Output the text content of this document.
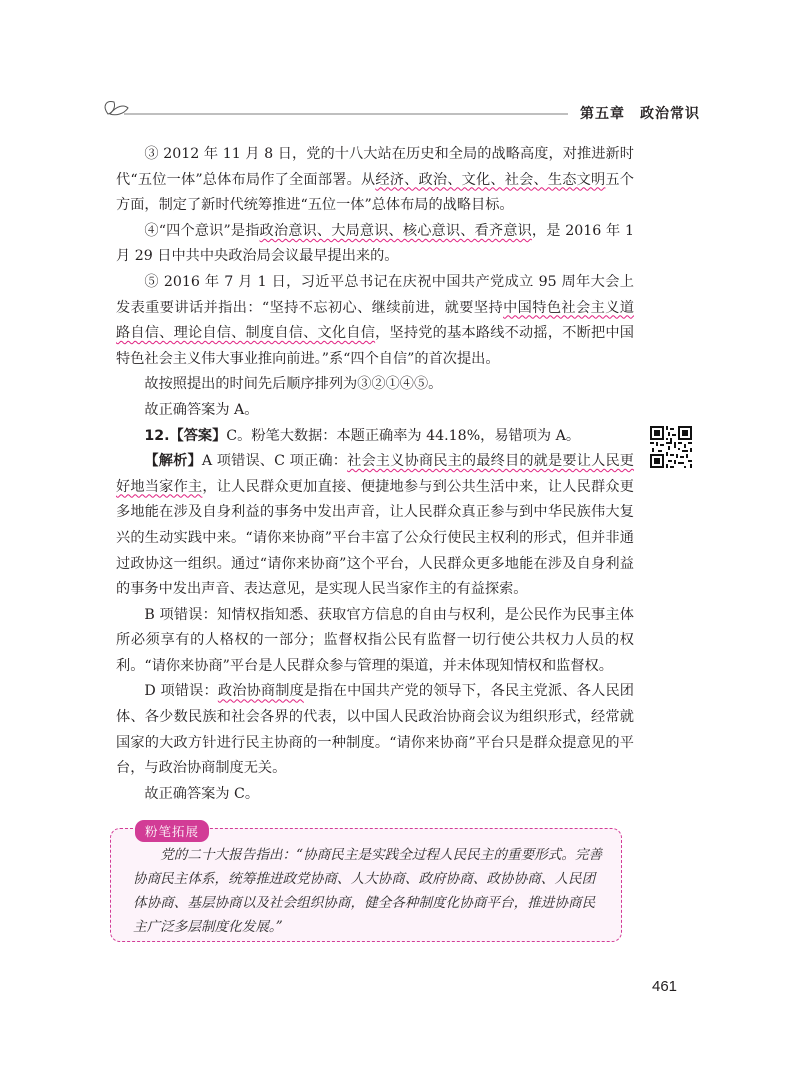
第五章　政治常识

③ 2012 年 11 月 8 日，党的十八大站在历史和全局的战略高度，对推进新时代“五位一体”总体布局作了全面部署。从经济、政治、文化、社会、生态文明五个方面，制定了新时代统筹推进“五位一体”总体布局的战略目标。

④“四个意识”是指政治意识、大局意识、核心意识、看齐意识，是 2016 年 1 月 29 日中共中央政治局会议最早提出来的。

⑤ 2016 年 7 月 1 日，习近平总书记在庆祝中国共产党成立 95 周年大会上发表重要讲话并指出：“坚持不忘初心、继续前进，就要坚持中国特色社会主义道路自信、理论自信、制度自信、文化自信，坚持党的基本路线不动摇，不断把中国特色社会主义伟大事业推向前进。”系“四个自信”的首次提出。

故按照提出的时间先后顺序排列为③②①④⑤。

故正确答案为 A。

12.【答案】C。粉笔大数据：本题正确率为 44.18%，易错项为 A。

【解析】A 项错误、C 项正确：社会主义协商民主的最终目的就是要让人民更好地当家作主，让人民群众更加直接、便捷地参与到公共生活中来，让人民群众更多地能在涉及自身利益的事务中发出声音，让人民群众真正参与到中华民族伟大复兴的生动实践中来。“请你来协商”平台丰富了公众行使民主权利的形式，但并非通过政协这一组织。通过“请你来协商”这个平台，人民群众更多地能在涉及自身利益的事务中发出声音、表达意见，是实现人民当家作主的有益探索。

B 项错误：知情权指知悉、获取官方信息的自由与权利，是公民作为民事主体所必须享有的人格权的一部分；监督权指公民有监督一切行使公共权力人员的权利。“请你来协商”平台是人民群众参与管理的渠道，并未体现知情权和监督权。

D 项错误：政治协商制度是指在中国共产党的领导下，各民主党派、各人民团体、各少数民族和社会各界的代表，以中国人民政治协商会议为组织形式，经常就国家的大政方针进行民主协商的一种制度。“请你来协商”平台只是群众提意见的平台，与政治协商制度无关。

故正确答案为 C。

粉笔拓展
党的二十大报告指出：“协商民主是实践全过程人民民主的重要形式。完善协商民主体系，统筹推进政党协商、人大协商、政府协商、政协协商、人民团体协商、基层协商以及社会组织协商，健全各种制度化协商平台，推进协商民主广泛多层制度化发展。”
461
